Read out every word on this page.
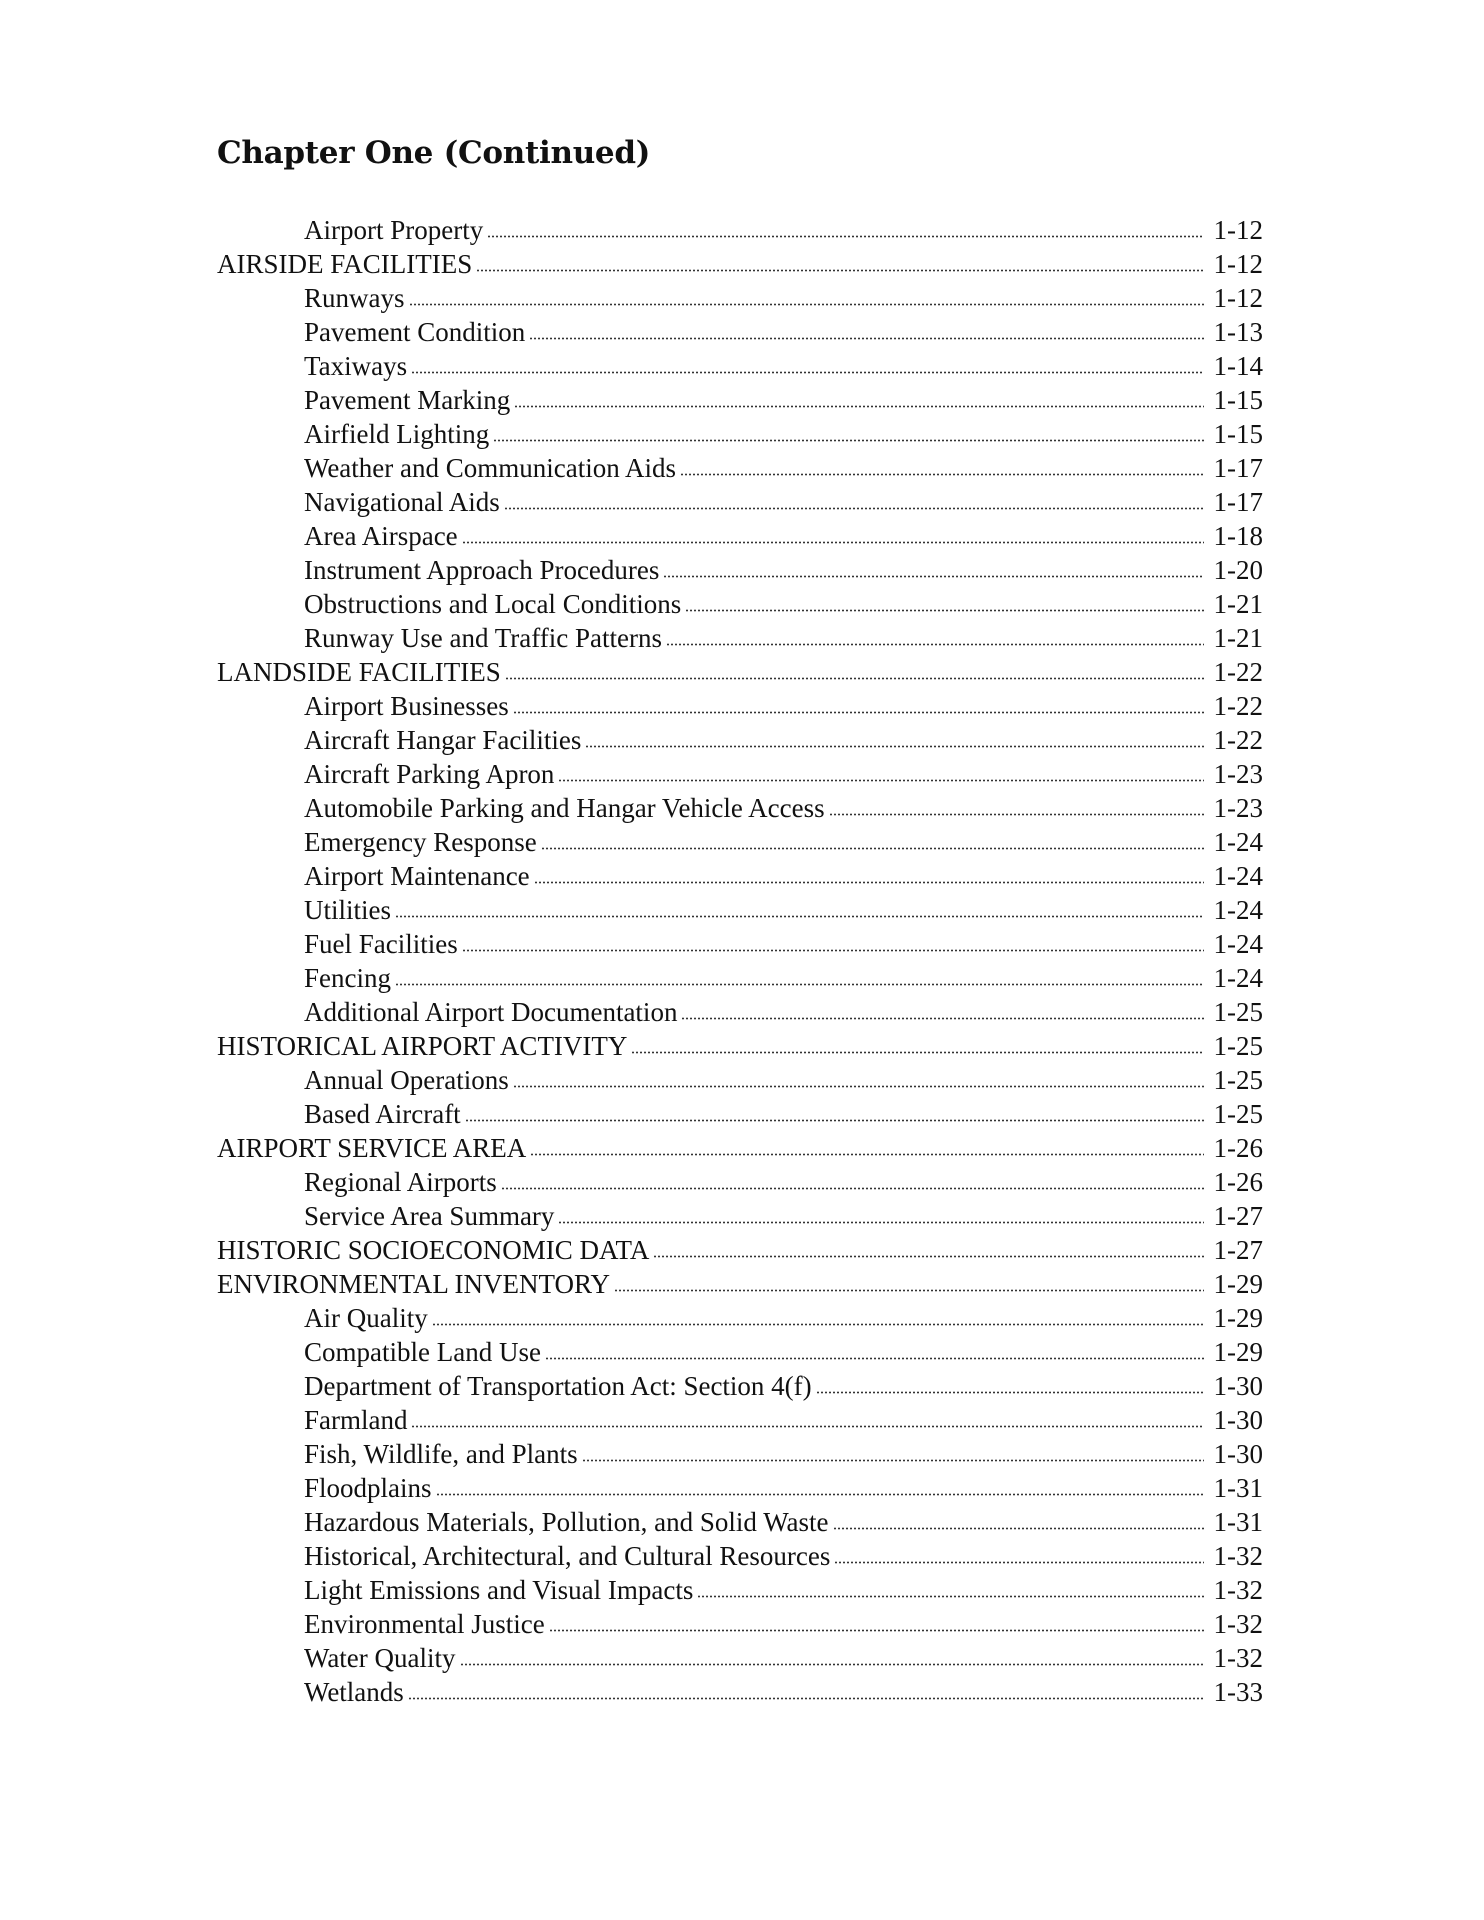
Chapter One (Continued)
Airport Property	1-12
AIRSIDE FACILITIES	1-12
Runways	1-12
Pavement Condition	1-13
Taxiways	1-14
Pavement Marking	1-15
Airfield Lighting	1-15
Weather and Communication Aids	1-17
Navigational Aids	1-17
Area Airspace	1-18
Instrument Approach Procedures	1-20
Obstructions and Local Conditions	1-21
Runway Use and Traffic Patterns	1-21
LANDSIDE FACILITIES	1-22
Airport Businesses	1-22
Aircraft Hangar Facilities	1-22
Aircraft Parking Apron	1-23
Automobile Parking and Hangar Vehicle Access	1-23
Emergency Response	1-24
Airport Maintenance	1-24
Utilities	1-24
Fuel Facilities	1-24
Fencing	1-24
Additional Airport Documentation	1-25
HISTORICAL AIRPORT ACTIVITY	1-25
Annual Operations	1-25
Based Aircraft	1-25
AIRPORT SERVICE AREA	1-26
Regional Airports	1-26
Service Area Summary	1-27
HISTORIC SOCIOECONOMIC DATA	1-27
ENVIRONMENTAL INVENTORY	1-29
Air Quality	1-29
Compatible Land Use	1-29
Department of Transportation Act: Section 4(f)	1-30
Farmland	1-30
Fish, Wildlife, and Plants	1-30
Floodplains	1-31
Hazardous Materials, Pollution, and Solid Waste	1-31
Historical, Architectural, and Cultural Resources	1-32
Light Emissions and Visual Impacts	1-32
Environmental Justice	1-32
Water Quality	1-32
Wetlands	1-33
